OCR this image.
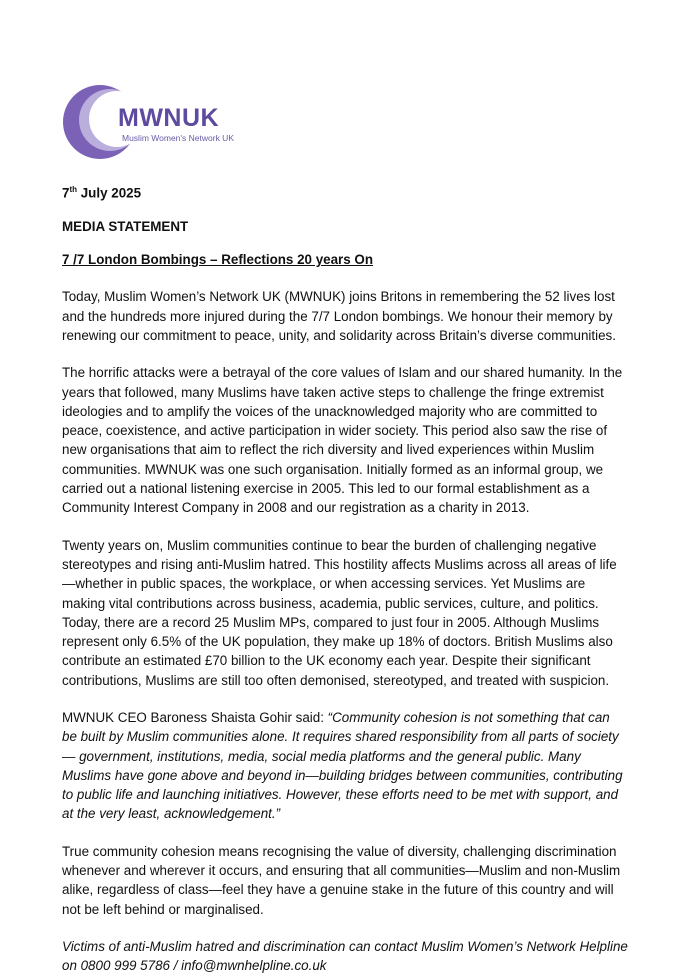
MWNUK
Muslim Women's Network UK
7th July 2025
MEDIA STATEMENT
7 /7 London Bombings – Reflections 20 years On

Today, Muslim Women’s Network UK (MWNUK) joins Britons in remembering the 52 lives lost and the hundreds more injured during the 7/7 London bombings. We honour their memory by renewing our commitment to peace, unity, and solidarity across Britain’s diverse communities.

The horrific attacks were a betrayal of the core values of Islam and our shared humanity. In the years that followed, many Muslims have taken active steps to challenge the fringe extremist ideologies and to amplify the voices of the unacknowledged majority who are committed to peace, coexistence, and active participation in wider society. This period also saw the rise of new organisations that aim to reflect the rich diversity and lived experiences within Muslim communities. MWNUK was one such organisation. Initially formed as an informal group, we carried out a national listening exercise in 2005. This led to our formal establishment as a Community Interest Company in 2008 and our registration as a charity in 2013.

Twenty years on, Muslim communities continue to bear the burden of challenging negative stereotypes and rising anti-Muslim hatred. This hostility affects Muslims across all areas of life—whether in public spaces, the workplace, or when accessing services. Yet Muslims are making vital contributions across business, academia, public services, culture, and politics. Today, there are a record 25 Muslim MPs, compared to just four in 2005. Although Muslims represent only 6.5% of the UK population, they make up 18% of doctors. British Muslims also contribute an estimated £70 billion to the UK economy each year. Despite their significant contributions, Muslims are still too often demonised, stereotyped, and treated with suspicion.

MWNUK CEO Baroness Shaista Gohir said: “Community cohesion is not something that can be built by Muslim communities alone. It requires shared responsibility from all parts of society — government, institutions, media, social media platforms and the general public. Many Muslims have gone above and beyond in—building bridges between communities, contributing to public life and launching initiatives. However, these efforts need to be met with support, and at the very least, acknowledgement.”

True community cohesion means recognising the value of diversity, challenging discrimination whenever and wherever it occurs, and ensuring that all communities—Muslim and non-Muslim alike, regardless of class—feel they have a genuine stake in the future of this country and will not be left behind or marginalised.

Victims of anti-Muslim hatred and discrimination can contact Muslim Women’s Network Helpline on 0800 999 5786 / info@mwnhelpline.co.uk
